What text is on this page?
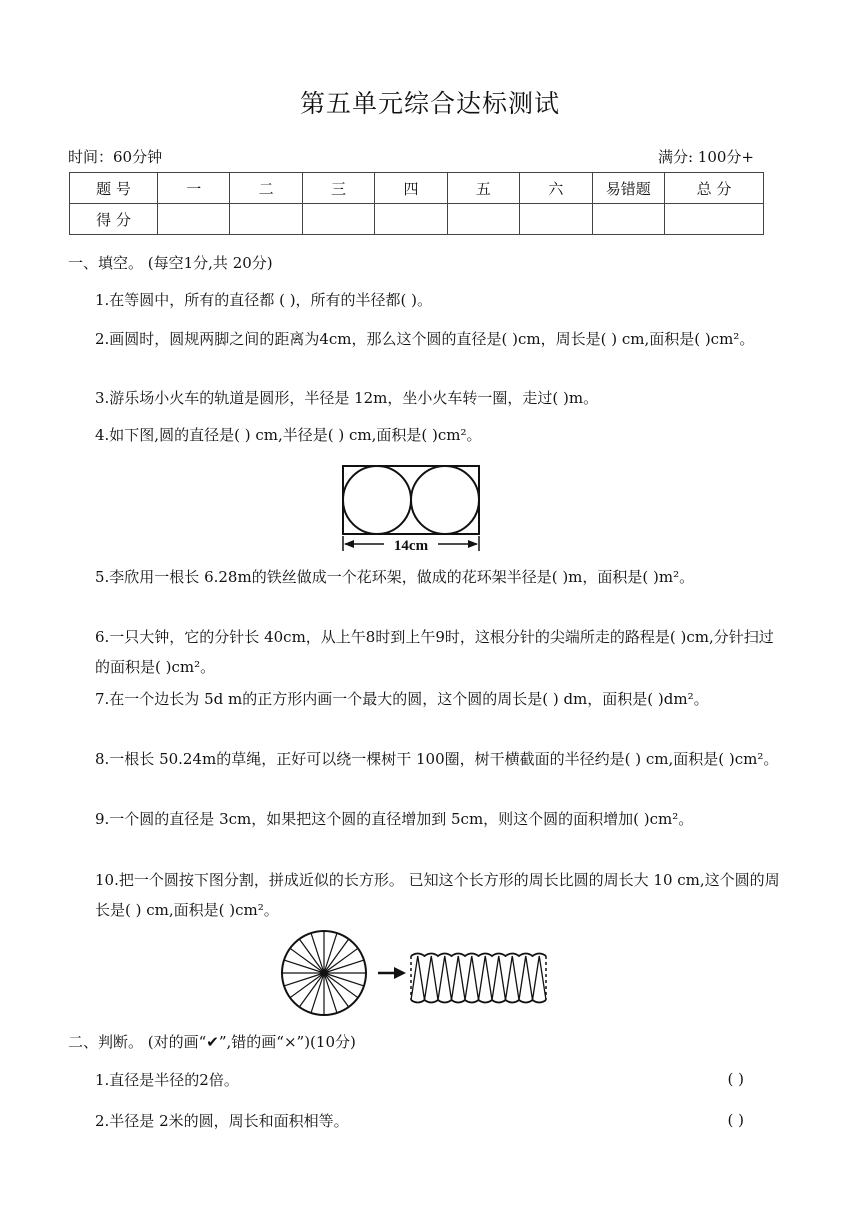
第五单元综合达标测试
时间：60分钟	满分: 100分+
题 号	一	二	三	四	五	六	易错题	总 分
得 分								
一、填空。 (每空1分,共 20分)
1.在等圆中，所有的直径都 ( )，所有的半径都( )。
2.画圆时，圆规两脚之间的距离为4cm，那么这个圆的直径是( )cm，周长是( ) cm,面积是( )cm²。
3.游乐场小火车的轨道是圆形，半径是 12m，坐小火车转一圈，走过( )m。
4.如下图,圆的直径是( ) cm,半径是( ) cm,面积是( )cm²。
14cm
5.李欣用一根长 6.28m的铁丝做成一个花环架，做成的花环架半径是( )m，面积是( )m²。
6.一只大钟，它的分针长 40cm，从上午8时到上午9时，这根分针的尖端所走的路程是( )cm,分针扫过的面积是( )cm²。
7.在一个边长为 5d m的正方形内画一个最大的圆，这个圆的周长是( ) dm，面积是( )dm²。
8.一根长 50.24m的草绳，正好可以绕一棵树干 100圈，树干横截面的半径约是( ) cm,面积是( )cm²。
9.一个圆的直径是 3cm，如果把这个圆的直径增加到 5cm，则这个圆的面积增加( )cm²。
10.把一个圆按下图分割，拼成近似的长方形。 已知这个长方形的周长比圆的周长大 10 cm,这个圆的周长是( ) cm,面积是( )cm²。
二、判断。 (对的画“✔”,错的画“×”)(10分)
1.直径是半径的2倍。	( )
2.半径是 2米的圆，周长和面积相等。	( )
